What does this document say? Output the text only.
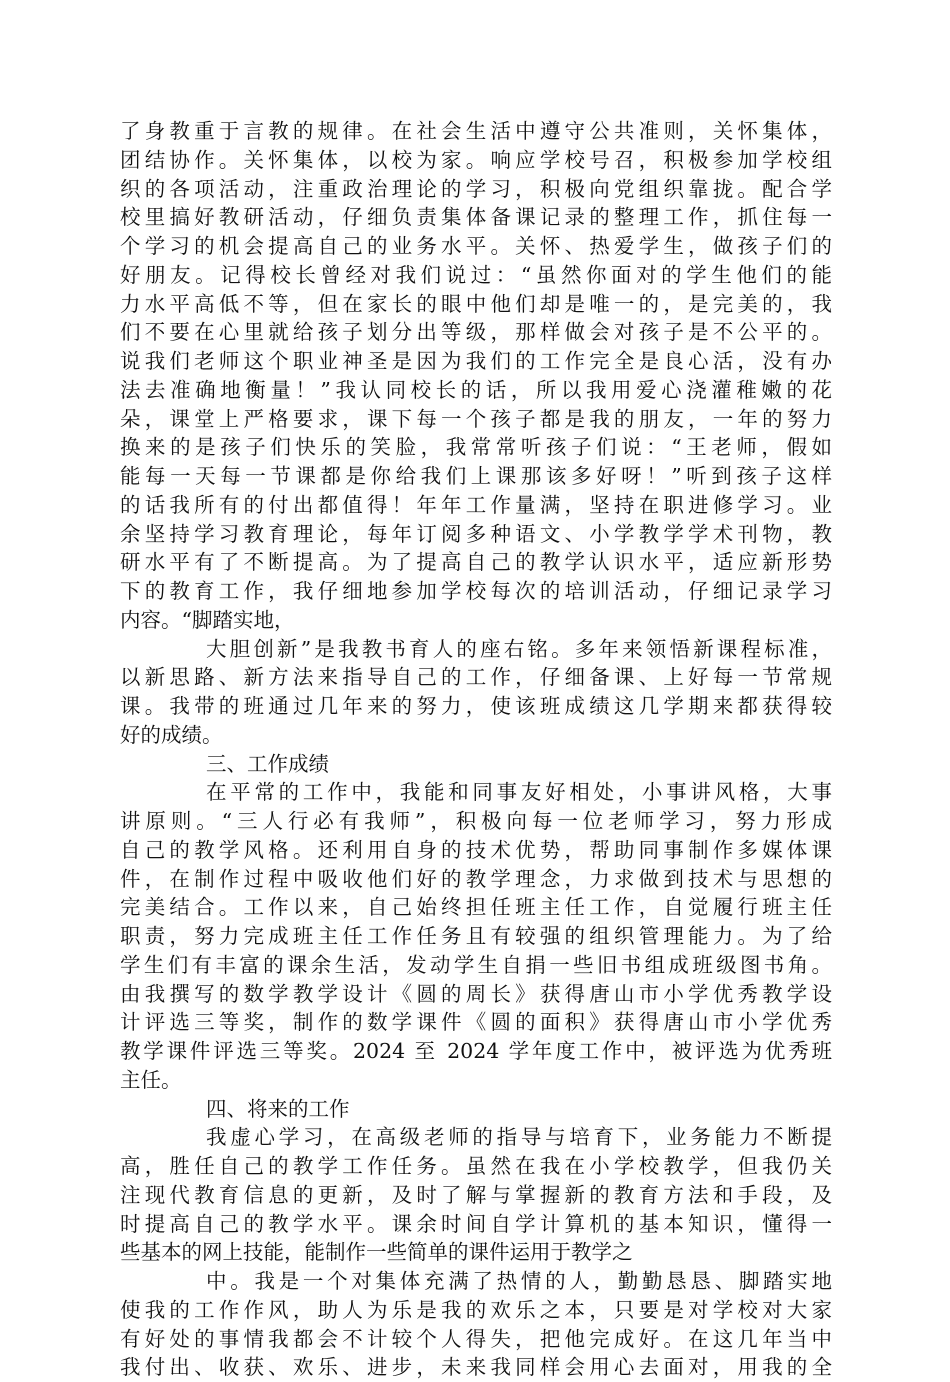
了身教重于言教的规律。在社会生活中遵守公共准则，关怀集体，
团结协作。关怀集体，以校为家。响应学校号召，积极参加学校组
织的各项活动，注重政治理论的学习，积极向党组织靠拢。配合学
校里搞好教研活动，仔细负责集体备课记录的整理工作，抓住每一
个学习的机会提高自己的业务水平。关怀、热爱学生，做孩子们的
好朋友。记得校长曾经对我们说过：“虽然你面对的学生他们的能
力水平高低不等，但在家长的眼中他们却是唯一的，是完美的，我
们不要在心里就给孩子划分出等级，那样做会对孩子是不公平的。
说我们老师这个职业神圣是因为我们的工作完全是良心活，没有办
法去准确地衡量！”我认同校长的话，所以我用爱心浇灌稚嫩的花
朵，课堂上严格要求，课下每一个孩子都是我的朋友，一年的努力
换来的是孩子们快乐的笑脸，我常常听孩子们说：“王老师，假如
能每一天每一节课都是你给我们上课那该多好呀！”听到孩子这样
的话我所有的付出都值得！年年工作量满，坚持在职进修学习。业
余坚持学习教育理论，每年订阅多种语文、小学教学学术刊物，教
研水平有了不断提高。为了提高自己的教学认识水平，适应新形势
下的教育工作，我仔细地参加学校每次的培训活动，仔细记录学习
内容。“脚踏实地，
大胆创新”是我教书育人的座右铭。多年来领悟新课程标准，
以新思路、新方法来指导自己的工作，仔细备课、上好每一节常规
课。我带的班通过几年来的努力，使该班成绩这几学期来都获得较
好的成绩。
三、工作成绩
在平常的工作中，我能和同事友好相处，小事讲风格，大事
讲原则。“三人行必有我师”，积极向每一位老师学习，努力形成
自己的教学风格。还利用自身的技术优势，帮助同事制作多媒体课
件，在制作过程中吸收他们好的教学理念，力求做到技术与思想的
完美结合。工作以来，自己始终担任班主任工作，自觉履行班主任
职责，努力完成班主任工作任务且有较强的组织管理能力。为了给
学生们有丰富的课余生活，发动学生自捐一些旧书组成班级图书角。
由我撰写的数学教学设计《圆的周长》获得唐山市小学优秀教学设
计评选三等奖，制作的数学课件《圆的面积》获得唐山市小学优秀
教学课件评选三等奖。2024 至 2024 学年度工作中，被评选为优秀班
主任。
四、将来的工作
我虚心学习，在高级老师的指导与培育下，业务能力不断提
高，胜任自己的教学工作任务。虽然在我在小学校教学，但我仍关
注现代教育信息的更新，及时了解与掌握新的教育方法和手段，及
时提高自己的教学水平。课余时间自学计算机的基本知识，懂得一
些基本的网上技能，能制作一些简单的课件运用于教学之
中。我是一个对集体充满了热情的人，勤勤恳恳、脚踏实地
使我的工作作风，助人为乐是我的欢乐之本，只要是对学校对大家
有好处的事情我都会不计较个人得失，把他完成好。在这几年当中
我付出、收获、欢乐、进步，未来我同样会用心去面对，用我的全
